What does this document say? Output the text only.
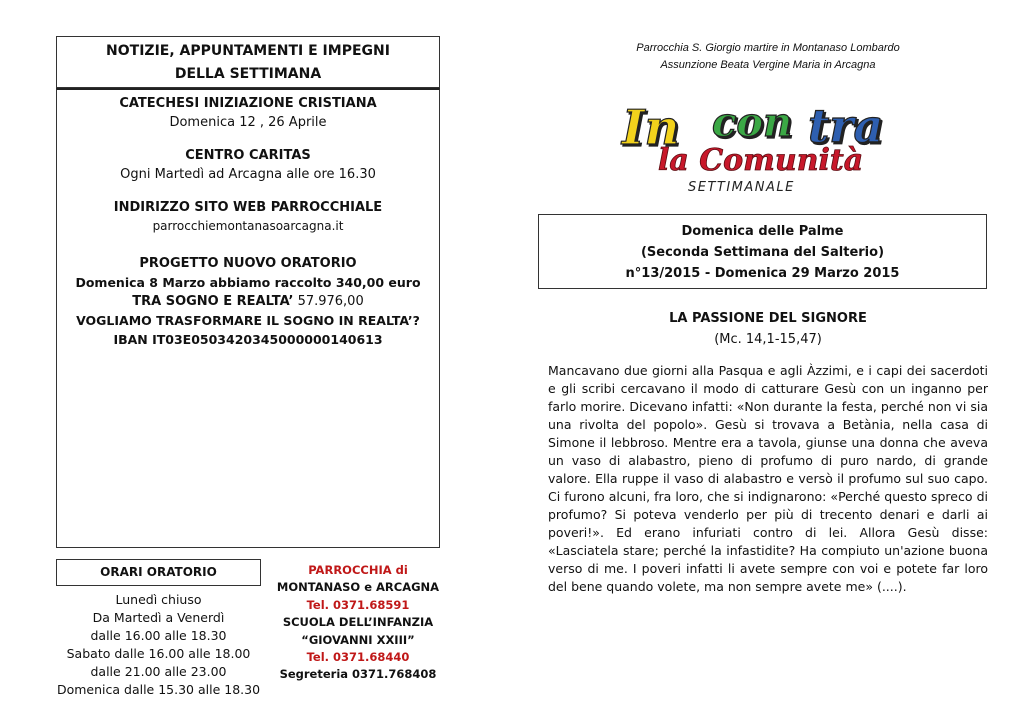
NOTIZIE, APPUNTAMENTI E IMPEGNI
DELLA SETTIMANA
CATECHESI INIZIAZIONE CRISTIANA
Domenica 12 , 26 Aprile
CENTRO CARITAS
Ogni Martedì ad Arcagna alle ore 16.30
INDIRIZZO SITO WEB PARROCCHIALE
parrocchiemontanasoarcagna.it
PROGETTO NUOVO ORATORIO
Domenica 8 Marzo abbiamo raccolto 340,00 euro
TRA SOGNO E REALTA’ 57.976,00
VOGLIAMO TRASFORMARE IL SOGNO IN REALTA’?
IBAN IT03E0503420345000000140613
ORARI ORATORIO
Lunedì chiuso
Da Martedì a Venerdì
dalle 16.00 alle 18.30
Sabato dalle 16.00 alle 18.00
dalle 21.00 alle 23.00
Domenica dalle 15.30 alle 18.30
PARROCCHIA di
MONTANASO e ARCAGNA
Tel. 0371.68591
SCUOLA DELL’INFANZIA
“GIOVANNI XXIII”
Tel. 0371.68440
Segreteria 0371.768408
Parrocchia S. Giorgio martire in Montanaso Lombardo
Assunzione Beata Vergine Maria in Arcagna
In con tra
la Comunità
SETTIMANALE
Domenica delle Palme
(Seconda Settimana del Salterio)
n°13/2015 - Domenica 29 Marzo 2015
LA PASSIONE DEL SIGNORE
(Mc. 14,1-15,47)
Mancavano due giorni alla Pasqua e agli Àzzimi, e i capi dei sacerdoti e gli scribi cercavano il modo di catturare Gesù con un inganno per farlo morire. Dicevano infatti: «Non durante la festa, perché non vi sia una rivolta del popolo». Gesù si trovava a Betània, nella casa di Simone il lebbroso. Mentre era a tavola, giunse una donna che aveva un vaso di alabastro, pieno di profumo di puro nardo, di grande valore. Ella ruppe il vaso di alabastro e versò il profumo sul suo capo. Ci furono alcuni, fra loro, che si indignarono: «Perché questo spreco di profumo? Si poteva venderlo per più di trecento denari e darli ai poveri!». Ed erano infuriati contro di lei. Allora Gesù disse: «Lasciatela stare; perché la infastidite? Ha compiuto un'azione buona verso di me. I poveri infatti li avete sempre con voi e potete far loro del bene quando volete, ma non sempre avete me» (....).
